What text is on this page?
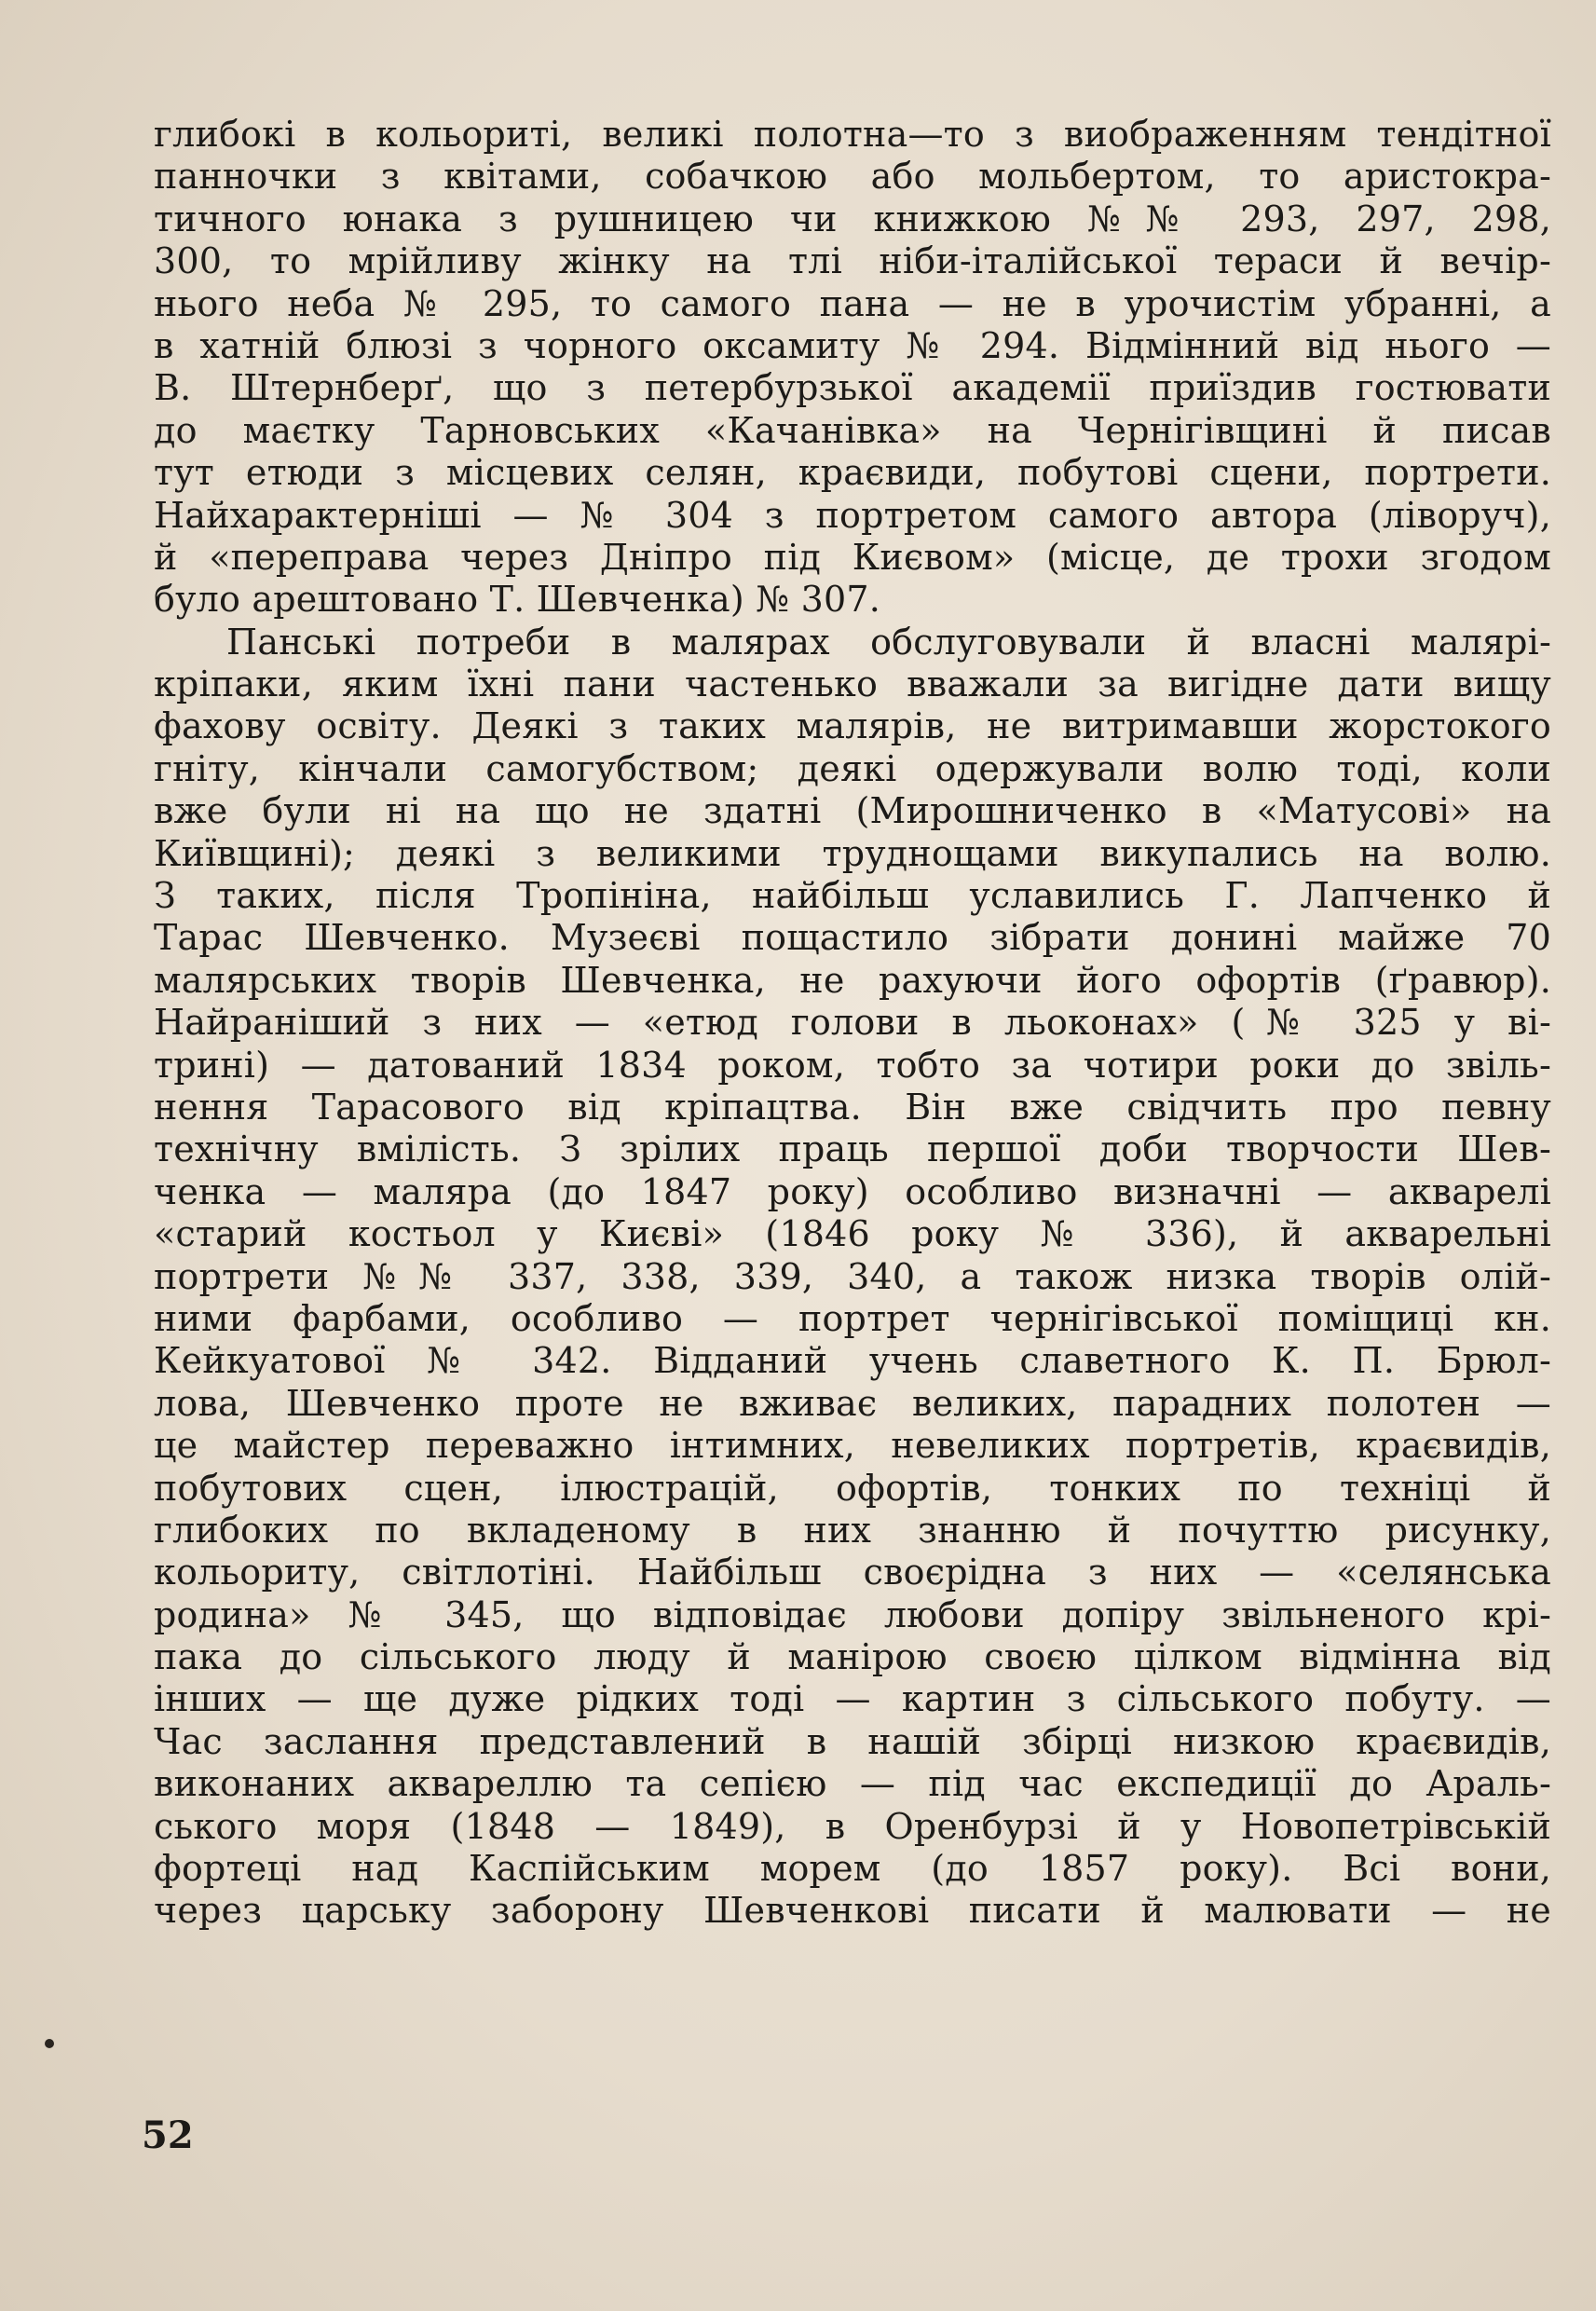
глибокі в кольориті, великі полотна—то з виображенням тендітної
панночки з квітами, собачкою або мольбертом, то аристокра-
тичного юнака з рушницею чи книжкою №№ 293, 297, 298,
300, то мрійливу жінку на тлі ніби-італійської тераси й вечір-
нього неба № 295, то самого пана — не в урочистім убранні, а
в хатній блюзі з чорного оксамиту № 294. Відмінний від нього —
В. Штернберґ, що з петербурзької академії приїздив гостювати
до маєтку Тарновських «Качанівка» на Чернігівщині й писав
тут етюди з місцевих селян, краєвиди, побутові сцени, портрети.
Найхарактерніші — № 304 з портретом самого автора (ліворуч),
й «переправа через Дніпро під Києвом» (місце, де трохи згодом
було арештовано Т. Шевченка) № 307.
Панські потреби в малярах обслуговували й власні малярі-
кріпаки, яким їхні пани частенько вважали за вигідне дати вищу
фахову освіту. Деякі з таких малярів, не витримавши жорстокого
гніту, кінчали самогубством; деякі одержували волю тоді, коли
вже були ні на що не здатні (Мирошниченко в «Матусові» на
Київщині); деякі з великими труднощами викупались на волю.
З таких, після Тропініна, найбільш уславились Г. Лапченко й
Тарас Шевченко. Музеєві пощастило зібрати донині майже 70
малярських творів Шевченка, не рахуючи його офортів (ґравюр).
Найраніший з них — «етюд голови в льоконах» (№ 325 у ві-
трині) — датований 1834 роком, тобто за чотири роки до звіль-
нення Тарасового від кріпацтва. Він вже свідчить про певну
технічну вмілість. З зрілих праць першої доби творчости Шев-
ченка — маляра (до 1847 року) особливо визначні — акварелі
«старий костьол у Києві» (1846 року № 336), й акварельні
портрети №№ 337, 338, 339, 340, а також низка творів олій-
ними фарбами, особливо — портрет чернігівської поміщиці кн.
Кейкуатової № 342. Відданий учень славетного К. П. Брюл-
лова, Шевченко проте не вживає великих, парадних полотен —
це майстер переважно інтимних, невеликих портретів, краєвидів,
побутових сцен, ілюстрацій, офортів, тонких по техніці й
глибоких по вкладеному в них знанню й почуттю рисунку,
кольориту, світлотіні. Найбільш своєрідна з них — «селянська
родина» № 345, що відповідає любови допіру звільненого крі-
пака до сільського люду й манірою своєю цілком відмінна від
інших — ще дуже рідких тоді — картин з сільського побуту. —
Час заслання представлений в нашій збірці низкою краєвидів,
виконаних аквареллю та сепією — під час експедиції до Араль-
ського моря (1848 — 1849), в Оренбурзі й у Новопетрівській
фортеці над Каспійським морем (до 1857 року). Всі вони,
через царську заборону Шевченкові писати й малювати — не
52
